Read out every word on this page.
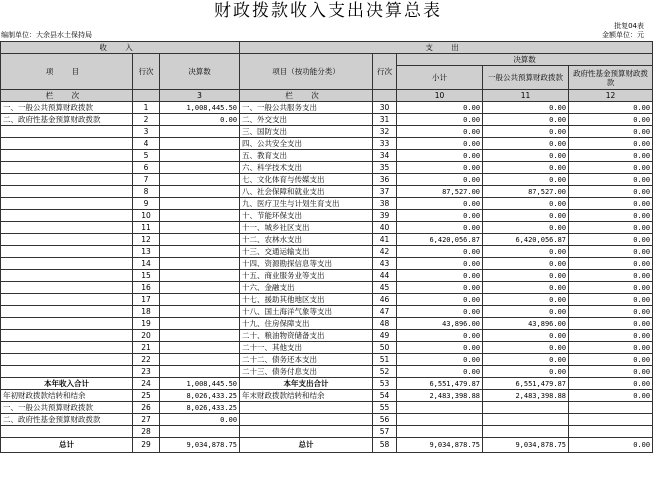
财政拨款收入支出决算总表
批复04表
编制单位：大余县水土保持局	金额单位：元
收 入			支 出				
项 目	行次	决算数	项目（按功能分类）	行次	决算数		
					小计	一般公共预算财政拨款	政府性基金预算财政拨款
栏 次		3	栏 次		10	11	12
一、一般公共预算财政拨款	1	1,008,445.50	一、一般公共服务支出	30	0.00	0.00	0.00
二、政府性基金预算财政拨款	2	0.00	二、外交支出	31	0.00	0.00	0.00
	3		三、国防支出	32	0.00	0.00	0.00
	4		四、公共安全支出	33	0.00	0.00	0.00
	5		五、教育支出	34	0.00	0.00	0.00
	6		六、科学技术支出	35	0.00	0.00	0.00
	7		七、文化体育与传媒支出	36	0.00	0.00	0.00
	8		八、社会保障和就业支出	37	87,527.00	87,527.00	0.00
	9		九、医疗卫生与计划生育支出	38	0.00	0.00	0.00
	10		十、节能环保支出	39	0.00	0.00	0.00
	11		十一、城乡社区支出	40	0.00	0.00	0.00
	12		十二、农林水支出	41	6,420,056.87	6,420,056.87	0.00
	13		十三、交通运输支出	42	0.00	0.00	0.00
	14		十四、资源勘探信息等支出	43	0.00	0.00	0.00
	15		十五、商业服务业等支出	44	0.00	0.00	0.00
	16		十六、金融支出	45	0.00	0.00	0.00
	17		十七、援助其他地区支出	46	0.00	0.00	0.00
	18		十八、国土海洋气象等支出	47	0.00	0.00	0.00
	19		十九、住房保障支出	48	43,896.00	43,896.00	0.00
	20		二十、粮油物资储备支出	49	0.00	0.00	0.00
	21		二十一、其他支出	50	0.00	0.00	0.00
	22		二十二、债务还本支出	51	0.00	0.00	0.00
	23		二十三、债务付息支出	52	0.00	0.00	0.00
本年收入合计	24	1,008,445.50	本年支出合计	53	6,551,479.87	6,551,479.87	0.00
年初财政拨款结转和结余	25	8,026,433.25	年末财政拨款结转和结余	54	2,483,398.88	2,483,398.88	0.00
一、一般公共预算财政拨款	26	8,026,433.25		55			
二、政府性基金预算财政拨款	27	0.00		56			
	28			57			
总计	29	9,034,878.75	总计	58	9,034,878.75	9,034,878.75	0.00
